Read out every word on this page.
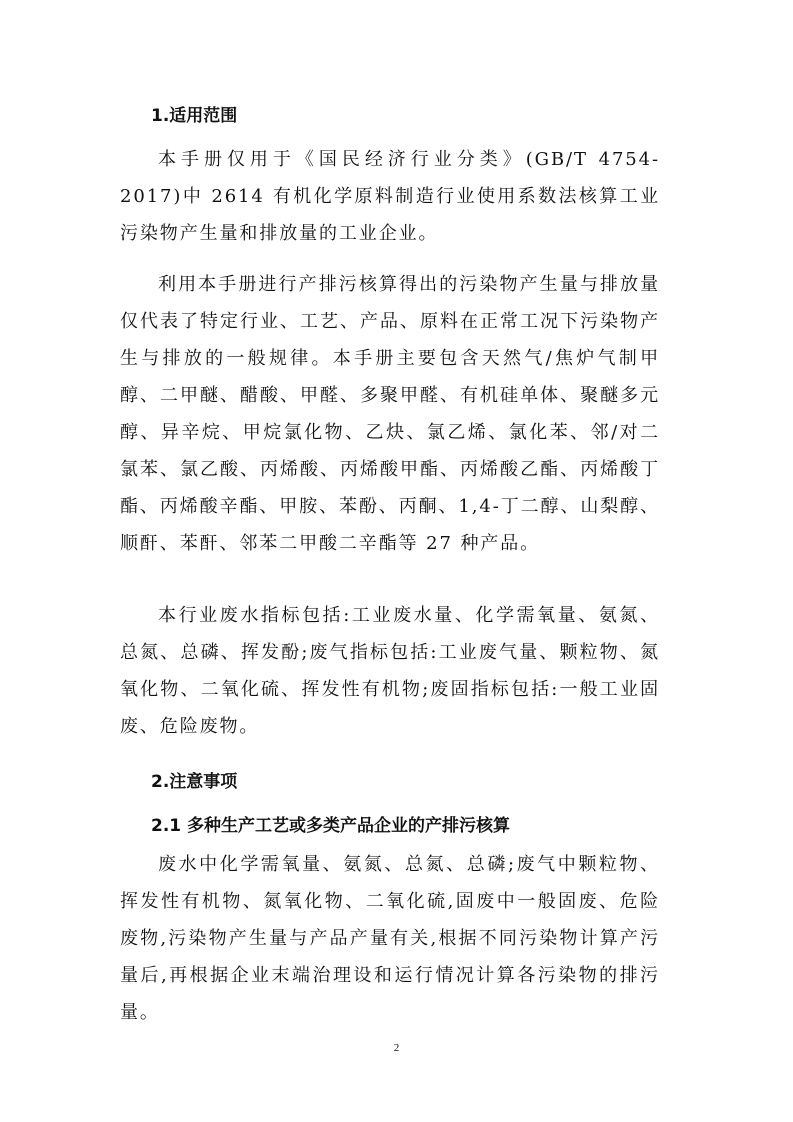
1.适用范围

本手册仅用于《国民经济行业分类》(GB/T 4754-2017)中 2614 有机化学原料制造行业使用系数法核算工业污染物产生量和排放量的工业企业。

利用本手册进行产排污核算得出的污染物产生量与排放量仅代表了特定行业、工艺、产品、原料在正常工况下污染物产生与排放的一般规律。本手册主要包含天然气/焦炉气制甲醇、二甲醚、醋酸、甲醛、多聚甲醛、有机硅单体、聚醚多元醇、异辛烷、甲烷氯化物、乙炔、氯乙烯、氯化苯、邻/对二氯苯、氯乙酸、丙烯酸、丙烯酸甲酯、丙烯酸乙酯、丙烯酸丁酯、丙烯酸辛酯、甲胺、苯酚、丙酮、1,4-丁二醇、山梨醇、顺酐、苯酐、邻苯二甲酸二辛酯等 27 种产品。

本行业废水指标包括:工业废水量、化学需氧量、氨氮、总氮、总磷、挥发酚;废气指标包括:工业废气量、颗粒物、氮氧化物、二氧化硫、挥发性有机物;废固指标包括:一般工业固废、危险废物。

2.注意事项
2.1 多种生产工艺或多类产品企业的产排污核算

废水中化学需氧量、氨氮、总氮、总磷;废气中颗粒物、挥发性有机物、氮氧化物、二氧化硫,固废中一般固废、危险废物,污染物产生量与产品产量有关,根据不同污染物计算产污量后,再根据企业末端治理设和运行情况计算各污染物的排污量。

2
